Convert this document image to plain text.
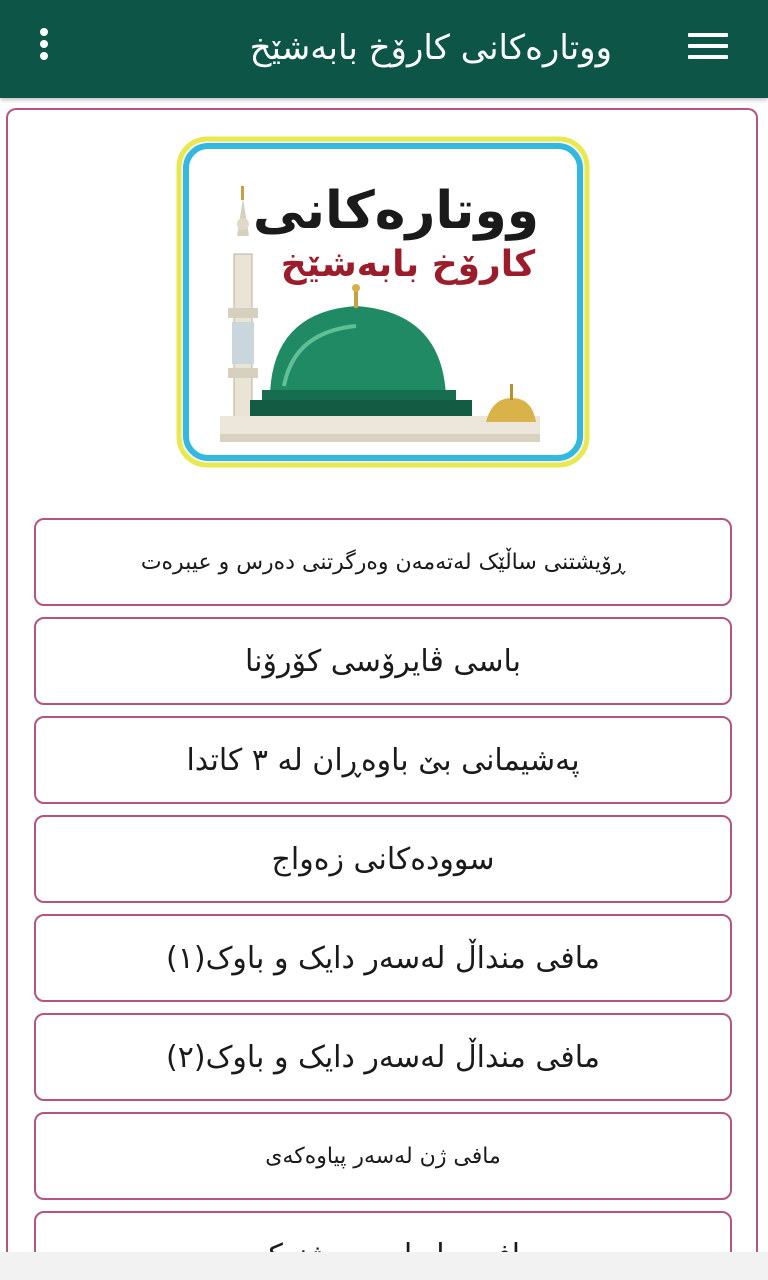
ووتارەکانی کارۆخ بابەشێخ
ووتارەکانی
کارۆخ بابەشێخ
ڕۆیشتنی ساڵێک لەتەمەن وەرگرتنی دەرس و عیبرەت
باسی ڤایرۆسی کۆرۆنا
پەشیمانی بێ باوەڕان لە ٣ کاتدا
سوودەکانی زەواج
مافی منداڵ لەسەر دایک و باوک(١)
مافی منداڵ لەسەر دایک و باوک(٢)
مافی ژن لەسەر پیاوەکەی
